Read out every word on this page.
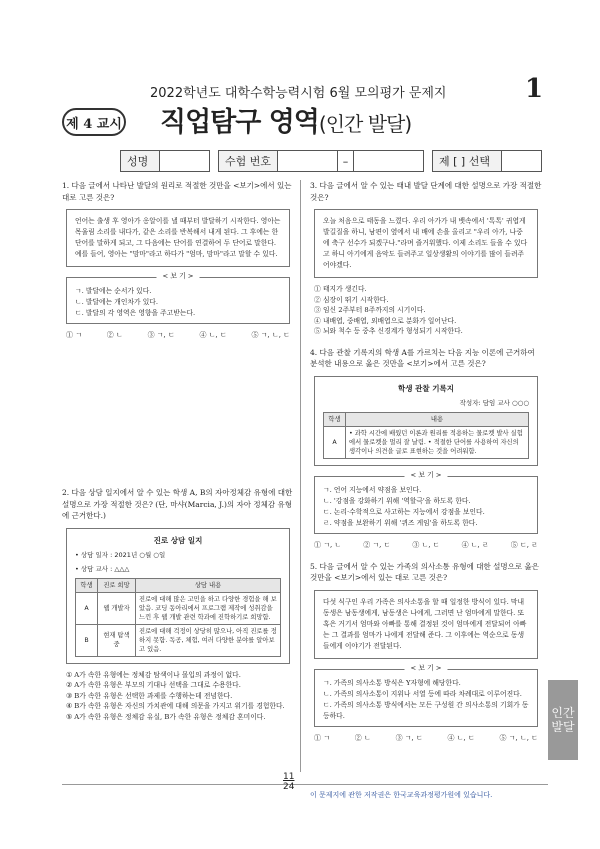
2022학년도 대학수학능력시험 6월 모의평가 문제지	1
제 4 교시 직업탐구 영역(인간 발달)
성명	수험 번호	–	제 [ ] 선택
1. 다음 글에서 나타난 발달의 원리로 적절한 것만을 <보기>에서 있는 대로 고른 것은?
언어는 출생 후 영아가 옹알이를 낼 때부터 발달하기 시작한다. 영아는 목울림 소리를 내다가, 같은 소리를 반복해서 내게 된다. 그 후에는 한 단어를 말하게 되고, 그 다음에는 단어를 연결하여 두 단어로 말한다. 예를 들어, 영아는 "맘마"라고 하다가 "엄마, 맘마"라고 말할 수 있다.
< 보 기 >
ㄱ. 발달에는 순서가 있다.
ㄴ. 발달에는 개인차가 있다.
ㄷ. 발달의 각 영역은 영향을 주고받는다.
① ㄱ	② ㄴ	③ ㄱ, ㄷ	④ ㄴ, ㄷ	⑤ ㄱ, ㄴ, ㄷ
2. 다음 상담 일지에서 알 수 있는 학생 A, B의 자아정체감 유형에 대한 설명으로 가장 적절한 것은? (단, 마샤(Marcia, J.)의 자아 정체감 유형에 근거한다.)
진로 상담 일지
• 상담 일자 : 2021년 ○월 ○일
• 상담 교사 : △△△
학생	진로 희망	상담 내용
A	웹 개발자	진로에 대해 많은 고민을 하고 다양한 경험을 해 보았음. 코딩 동아리에서 프로그램 제작에 성취감을 느낀 후 웹 개발 관련 학과에 진학하기로 희망함.
B	현재 탐색 중	진로에 대해 걱정이 상당히 많으나, 아직 진로를 정하지 못함. 독공, 체험, 여러 다양한 분야를 알아보고 있음.
① A가 속한 유형에는 정체감 탐색이나 몰입의 과정이 없다.
② A가 속한 유형은 부모의 기대나 선택을 그대로 수용한다.
③ B가 속한 유형은 선택한 과제를 수행하는데 전념한다.
④ B가 속한 유형은 자신의 가치관에 대해 의문을 가지고 위기를 경험한다.
⑤ A가 속한 유형은 정체감 유실, B가 속한 유형은 정체감 혼미이다.
3. 다음 글에서 알 수 있는 태내 발달 단계에 대한 설명으로 가장 적절한 것은?
오늘 처음으로 태동을 느꼈다. 우리 아가가 내 뱃속에서 '톡톡' 귀엽게 발길질을 하니, 남편이 옆에서 내 배에 손을 올리고 "우리 아가, 나중에 축구 선수가 되겠구나."라며 즐거워했다. 이제 소리도 들을 수 있다고 하니 아기에게 음악도 들려주고 일상생활의 이야기를 많이 들려주어야겠다.
① 태지가 생긴다.
② 심장이 뛰기 시작한다.
③ 임신 2주부터 8주까지의 시기이다.
④ 내배엽, 중배엽, 외배엽으로 분화가 일어난다.
⑤ 뇌와 척수 등 중추 신경계가 형성되기 시작한다.
4. 다음 관찰 기록지의 학생 A를 가르치는 다음 지능 이론에 근거하여 분석한 내용으로 옳은 것만을 <보기>에서 고른 것은?
학생 관찰 기록지
작성자: 담임 교사 ○○○
학생	내용
A	• 과학 시간에 배웠던 이론과 원리를 적용하는 물로켓 발사 실험에서 물로켓을 멀리 잘 날림. • 적절한 단어를 사용하여 자신의 생각이나 의견을 글로 표현하는 것을 어려워함.
< 보 기 >
ㄱ. 언어 지능에서 약점을 보인다.
ㄴ. '강점을 강화하기 위해 '역할극'을 하도록 한다.
ㄷ. 논리·수학적으로 사고하는 지능에서 강점을 보인다.
ㄹ. 약점을 보완하기 위해 '퀴즈 게임'을 하도록 한다.
① ㄱ, ㄴ	② ㄱ, ㄷ	③ ㄴ, ㄷ	④ ㄴ, ㄹ	⑤ ㄷ, ㄹ
5. 다음 글에서 알 수 있는 가족의 의사소통 유형에 대한 설명으로 옳은 것만을 <보기>에서 있는 대로 고른 것은?
다섯 식구인 우리 가족은 의사소통을 할 때 일정한 방식이 있다. 막내동생은 남동생에게, 남동생은 나에게, 그러면 난 엄마에게 말한다. 또 혹은 거기서 엄마와 아빠를 통해 결정된 것이 엄마에게 전달되어 아빠는 그 결과를 엄마가 나에게 전달해 준다. 그 이후에는 역순으로 동생들에게 이야기가 전달된다.
< 보 기 >
ㄱ. 가족의 의사소통 방식은 Y자형에 해당한다.
ㄴ. 가족의 의사소통이 지위나 서열 등에 따라 차례대로 이루어진다.
ㄷ. 가족의 의사소통 방식에서는 모든 구성원 간 의사소통의 기회가 동등하다.
① ㄱ	② ㄴ	③ ㄱ, ㄷ	④ ㄴ, ㄷ	⑤ ㄱ, ㄴ, ㄷ
인간
발달
11
24
이 문제지에 관한 저작권은 한국교육과정평가원에 있습니다.
